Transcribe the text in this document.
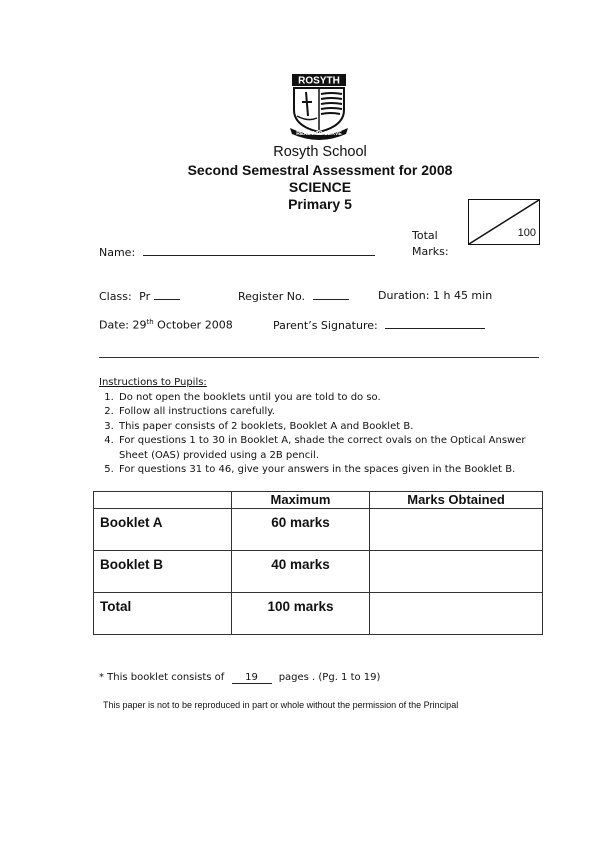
ROSYTH
READY TO SERVE
Rosyth School
Second Semestral Assessment for 2008
SCIENCE
Primary 5
Total
Marks:
100
Name:
Class: Pr	Register No.	Duration: 1 h 45 min
Date: 29th October 2008	Parent’s Signature:
Instructions to Pupils:
1. Do not open the booklets until you are told to do so.
2. Follow all instructions carefully.
3. This paper consists of 2 booklets, Booklet A and Booklet B.
4. For questions 1 to 30 in Booklet A, shade the correct ovals on the Optical Answer Sheet (OAS) provided using a 2B pencil.
5. For questions 31 to 46, give your answers in the spaces given in the Booklet B.
	Maximum	Marks Obtained
Booklet A	60 marks	
Booklet B	40 marks	
Total	100 marks	
* This booklet consists of 19 pages . (Pg. 1 to 19)
This paper is not to be reproduced in part or whole without the permission of the Principal
